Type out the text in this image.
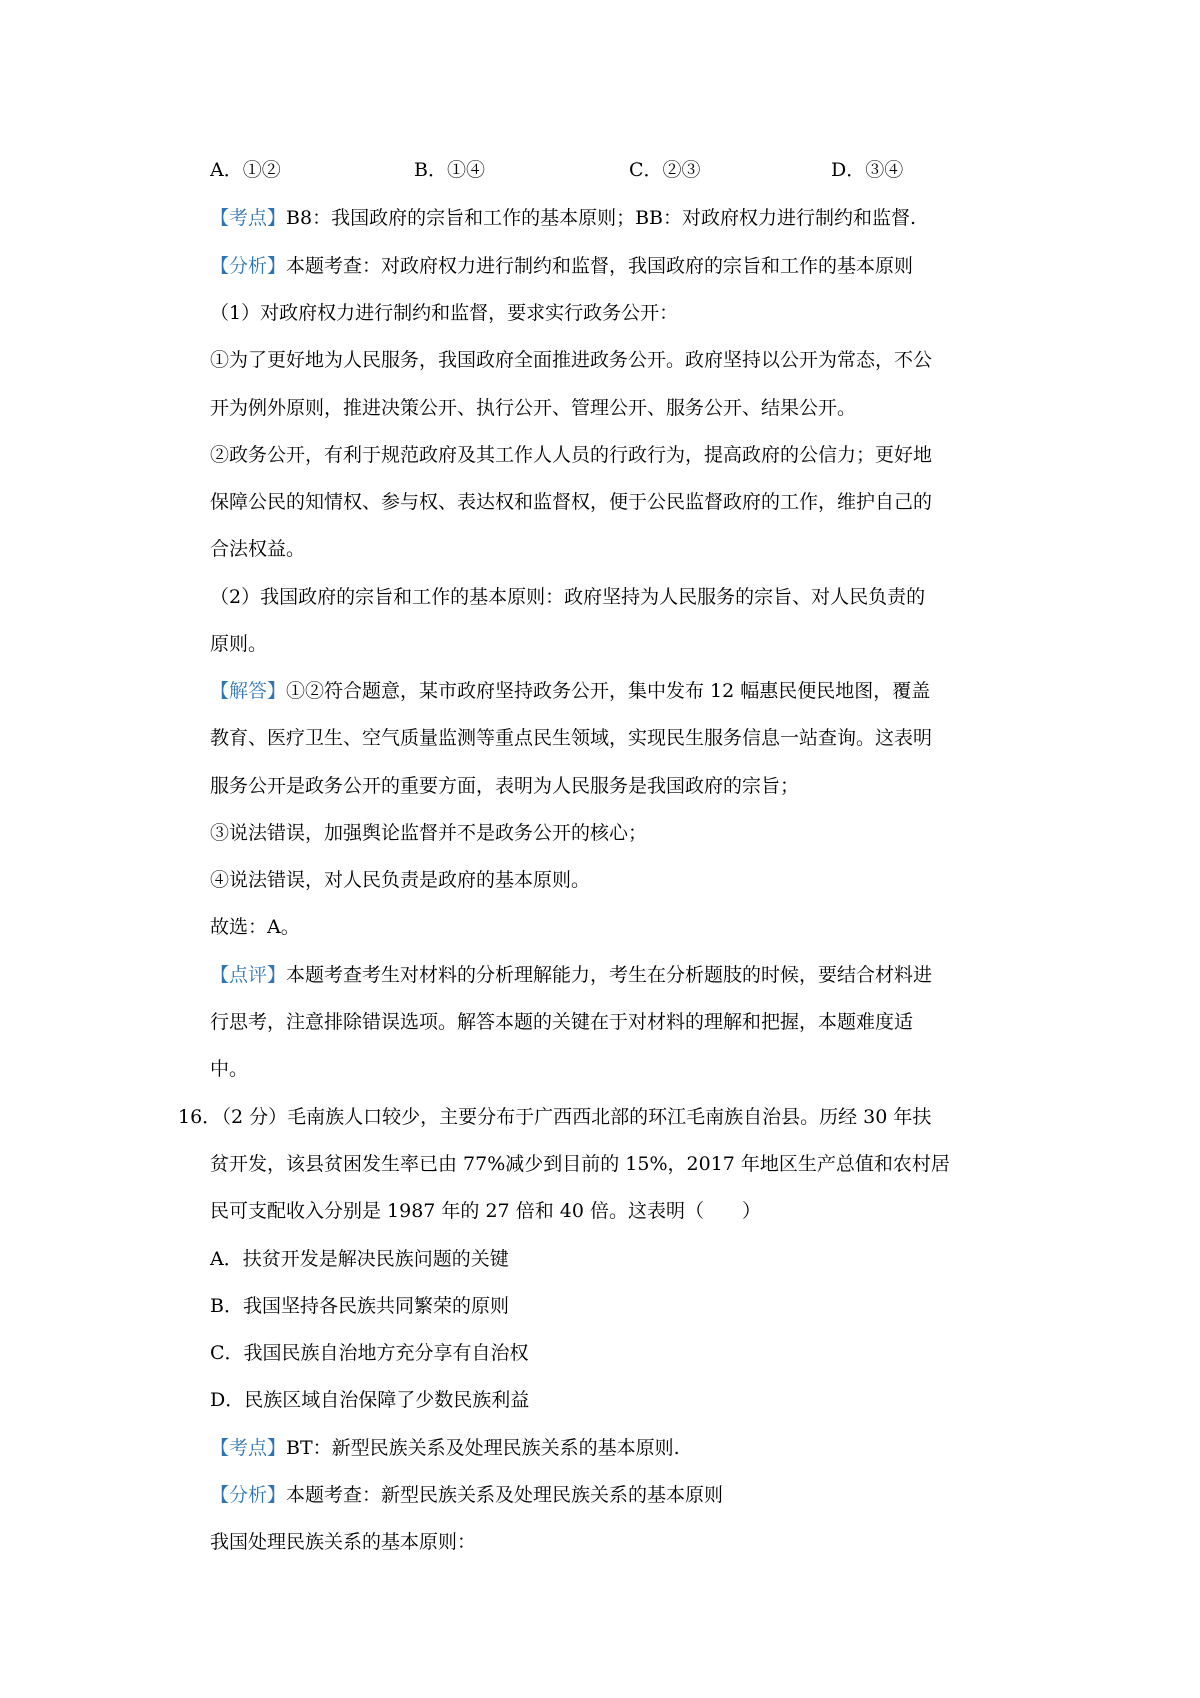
A．①②	B．①④	C．②③	D．③④
【考点】B8：我国政府的宗旨和工作的基本原则；BB：对政府权力进行制约和监督.
【分析】本题考查：对政府权力进行制约和监督，我国政府的宗旨和工作的基本原则
（1）对政府权力进行制约和监督，要求实行政务公开：
①为了更好地为人民服务，我国政府全面推进政务公开。政府坚持以公开为常态，不公
开为例外原则，推进决策公开、执行公开、管理公开、服务公开、结果公开。
②政务公开，有利于规范政府及其工作人人员的行政行为，提高政府的公信力；更好地
保障公民的知情权、参与权、表达权和监督权，便于公民监督政府的工作，维护自己的
合法权益。
（2）我国政府的宗旨和工作的基本原则：政府坚持为人民服务的宗旨、对人民负责的
原则。
【解答】①②符合题意，某市政府坚持政务公开，集中发布 12 幅惠民便民地图，覆盖
教育、医疗卫生、空气质量监测等重点民生领域，实现民生服务信息一站查询。这表明
服务公开是政务公开的重要方面，表明为人民服务是我国政府的宗旨；
③说法错误，加强舆论监督并不是政务公开的核心；
④说法错误，对人民负责是政府的基本原则。
故选：A。
【点评】本题考查考生对材料的分析理解能力，考生在分析题肢的时候，要结合材料进
行思考，注意排除错误选项。解答本题的关键在于对材料的理解和把握，本题难度适
中。
16．
（2 分）毛南族人口较少，主要分布于广西西北部的环江毛南族自治县。历经 30 年扶
贫开发，该县贫困发生率已由 77%减少到目前的 15%，2017 年地区生产总值和农村居
民可支配收入分别是 1987 年的 27 倍和 40 倍。这表明（　　）
A．扶贫开发是解决民族问题的关键
B．我国坚持各民族共同繁荣的原则
C．我国民族自治地方充分享有自治权
D．民族区域自治保障了少数民族利益
【考点】BT：新型民族关系及处理民族关系的基本原则.
【分析】本题考查：新型民族关系及处理民族关系的基本原则
我国处理民族关系的基本原则：
